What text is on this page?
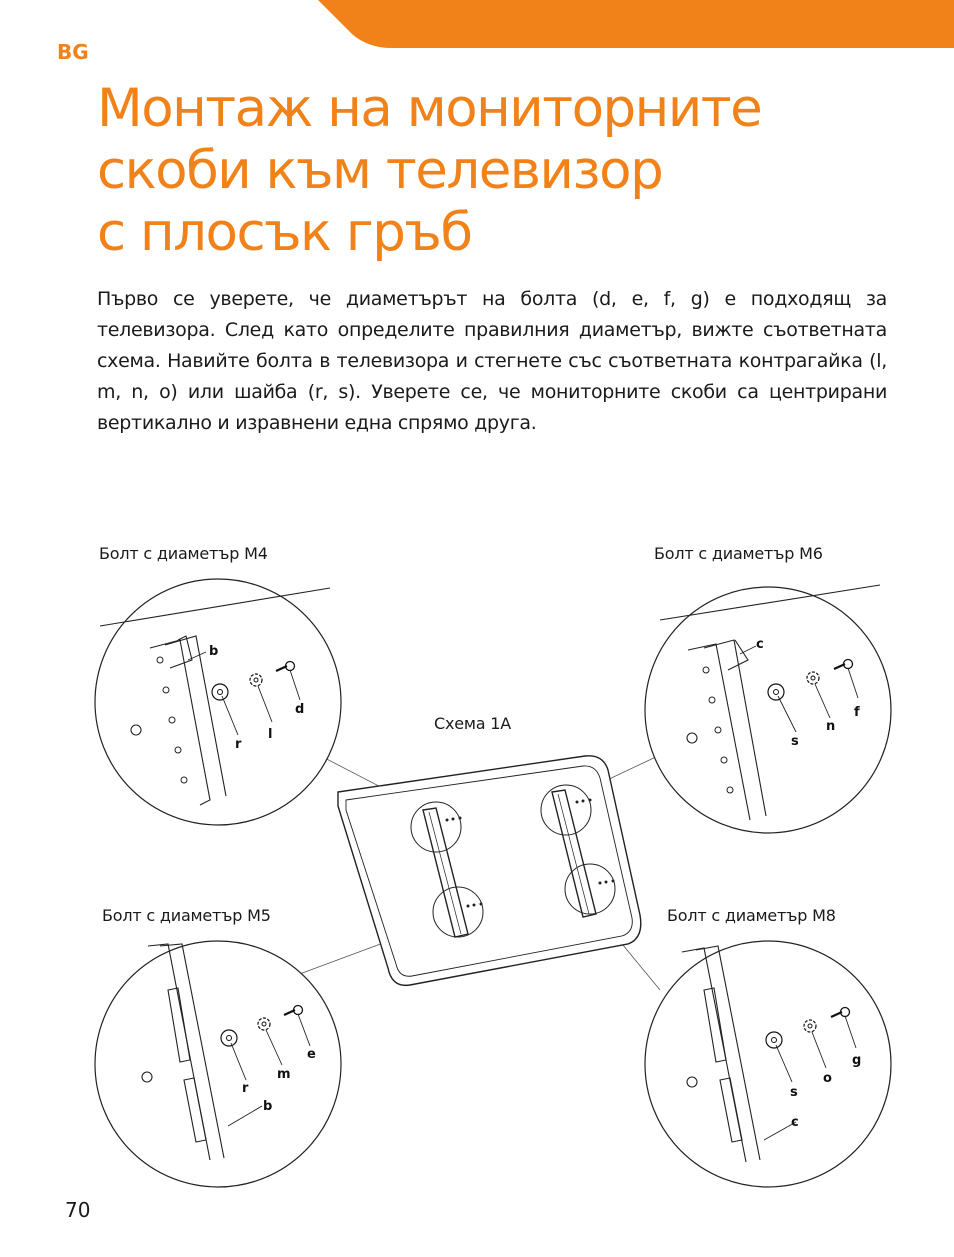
BG
Монтаж на мониторните
скоби към телевизор
с плосък гръб

Първо се уверете, че диаметърът на болта (d, e, f, g) е подходящ за телевизора. След като определите правилния диаметър, вижте съответната схема. Навийте болта в телевизора и стегнете със съответната контрагайка (l, m, n, o) или шайба (r, s). Уверете се, че мониторните скоби са центрирани вертикално и изравнени една спрямо друга.

Болт с диаметър M4	Болт с диаметър M6
Болт с диаметър M5	Болт с диаметър M8
Схема 1А
b
r
l
d
c
s
n
f
r
m
e
b
s
o
g
c
70
